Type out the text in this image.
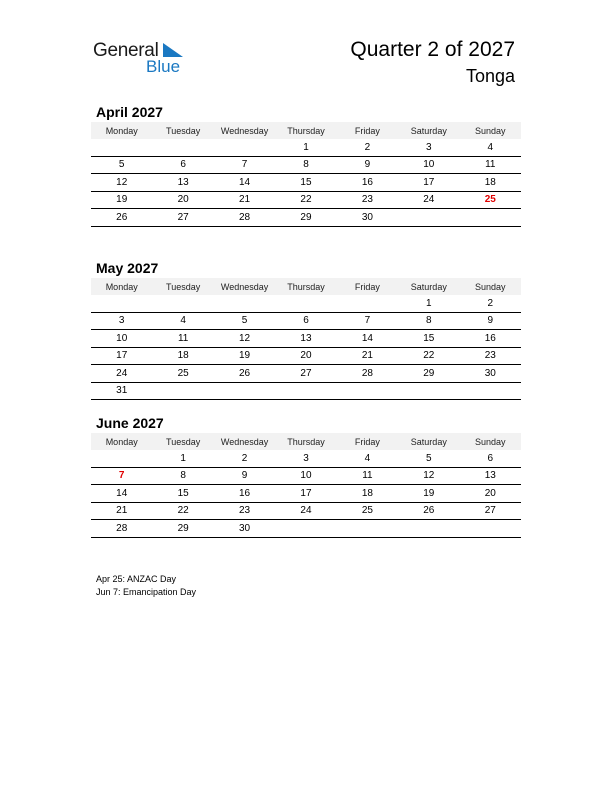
General
Blue
Quarter 2 of 2027
Tonga
April 2027
Monday	Tuesday	Wednesday	Thursday	Friday	Saturday	Sunday
			1	2	3	4
5	6	7	8	9	10	11
12	13	14	15	16	17	18
19	20	21	22	23	24	25
26	27	28	29	30		
May 2027
Monday	Tuesday	Wednesday	Thursday	Friday	Saturday	Sunday
					1	2
3	4	5	6	7	8	9
10	11	12	13	14	15	16
17	18	19	20	21	22	23
24	25	26	27	28	29	30
31						
June 2027
Monday	Tuesday	Wednesday	Thursday	Friday	Saturday	Sunday
	1	2	3	4	5	6
7	8	9	10	11	12	13
14	15	16	17	18	19	20
21	22	23	24	25	26	27
28	29	30				
Apr 25: ANZAC Day
Jun 7: Emancipation Day
